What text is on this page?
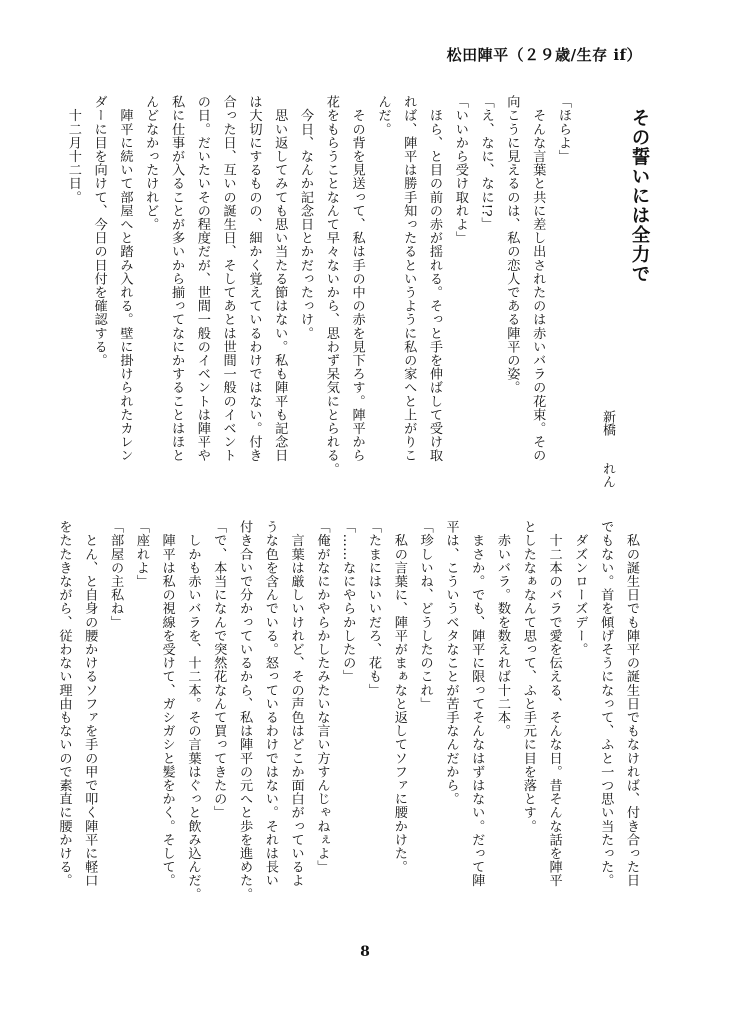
松田陣平（２９歳/生存 if）
その誓いには全力で
新橋れん
「ほらよ」
　そんな言葉と共に差し出されたのは赤いバラの花束。その
向こうに見えるのは、私の恋人である陣平の姿。
「え、なに、なに!?」
「いいから受け取れよ」
　ほら、と目の前の赤が揺れる。そっと手を伸ばして受け取
れば、陣平は勝手知ったるというように私の家へと上がりこ
んだ。
　その背を見送って、私は手の中の赤を見下ろす。陣平から
花をもらうことなんて早々ないから、思わず呆気にとられる。
　今日、なんか記念日とかだったっけ。
　思い返してみても思い当たる節はない。私も陣平も記念日
は大切にするものの、細かく覚えているわけではない。付き
合った日、互いの誕生日、そしてあとは世間一般のイベント
の日。だいたいその程度だが、世間一般のイベントは陣平や
私に仕事が入ることが多いから揃ってなにかすることはほと
んどなかったけれど。
　陣平に続いて部屋へと踏み入れる。壁に掛けられたカレン
ダーに目を向けて、今日の日付を確認する。
　十二月十二日。
　私の誕生日でも陣平の誕生日でもなければ、付き合った日
でもない。首を傾げそうになって、ふと一つ思い当たった。
　ダズンローズデー。
　十二本のバラで愛を伝える、そんな日。昔そんな話を陣平
としたなぁなんて思って、ふと手元に目を落とす。
　赤いバラ。数を数えれば十二本。
　まさか。でも、陣平に限ってそんなはずはない。だって陣
平は、こういうベタなことが苦手なんだから。
「珍しいね、どうしたのこれ」
　私の言葉に、陣平がまぁなと返してソファに腰かけた。
「たまにはいいだろ、花も」
「……なにやらかしたの」
「俺がなにかやらかしたみたいな言い方すんじゃねぇよ」
　言葉は厳しいけれど、その声色はどこか面白がっているよ
うな色を含んでいる。怒っているわけではない。それは長い
付き合いで分かっているから、私は陣平の元へと歩を進めた。
「で、本当になんで突然花なんて買ってきたの」
　しかも赤いバラを、十二本。その言葉はぐっと飲み込んだ。
　陣平は私の視線を受けて、ガシガシと髪をかく。そして。
「座れよ」
「部屋の主私ね」
　とん、と自身の腰かけるソファを手の甲で叩く陣平に軽口
をたたきながら、従わない理由もないので素直に腰かける。
8
